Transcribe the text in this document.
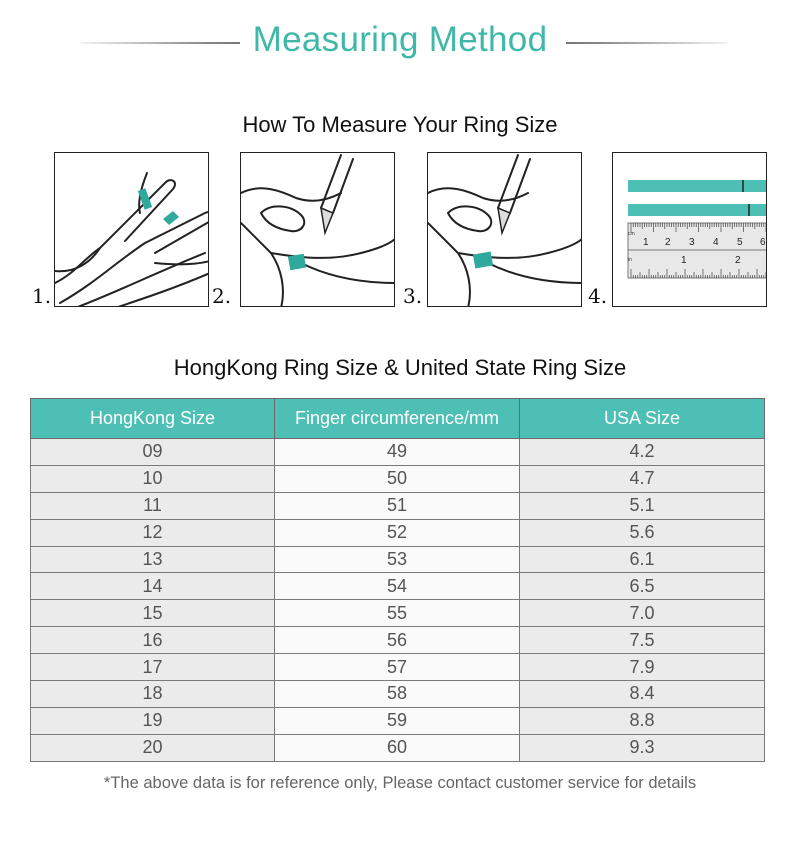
Measuring Method
How To Measure Your Ring Size
1.	2.	3.	4.
cm
in
1 2 3 4 5 6
1	2
HongKong Ring Size & United State Ring Size
HongKong Size	Finger circumference/mm	USA Size
09	49	4.2
10	50	4.7
11	51	5.1
12	52	5.6
13	53	6.1
14	54	6.5
15	55	7.0
16	56	7.5
17	57	7.9
18	58	8.4
19	59	8.8
20	60	9.3
*The above data is for reference only, Please contact customer service for details
